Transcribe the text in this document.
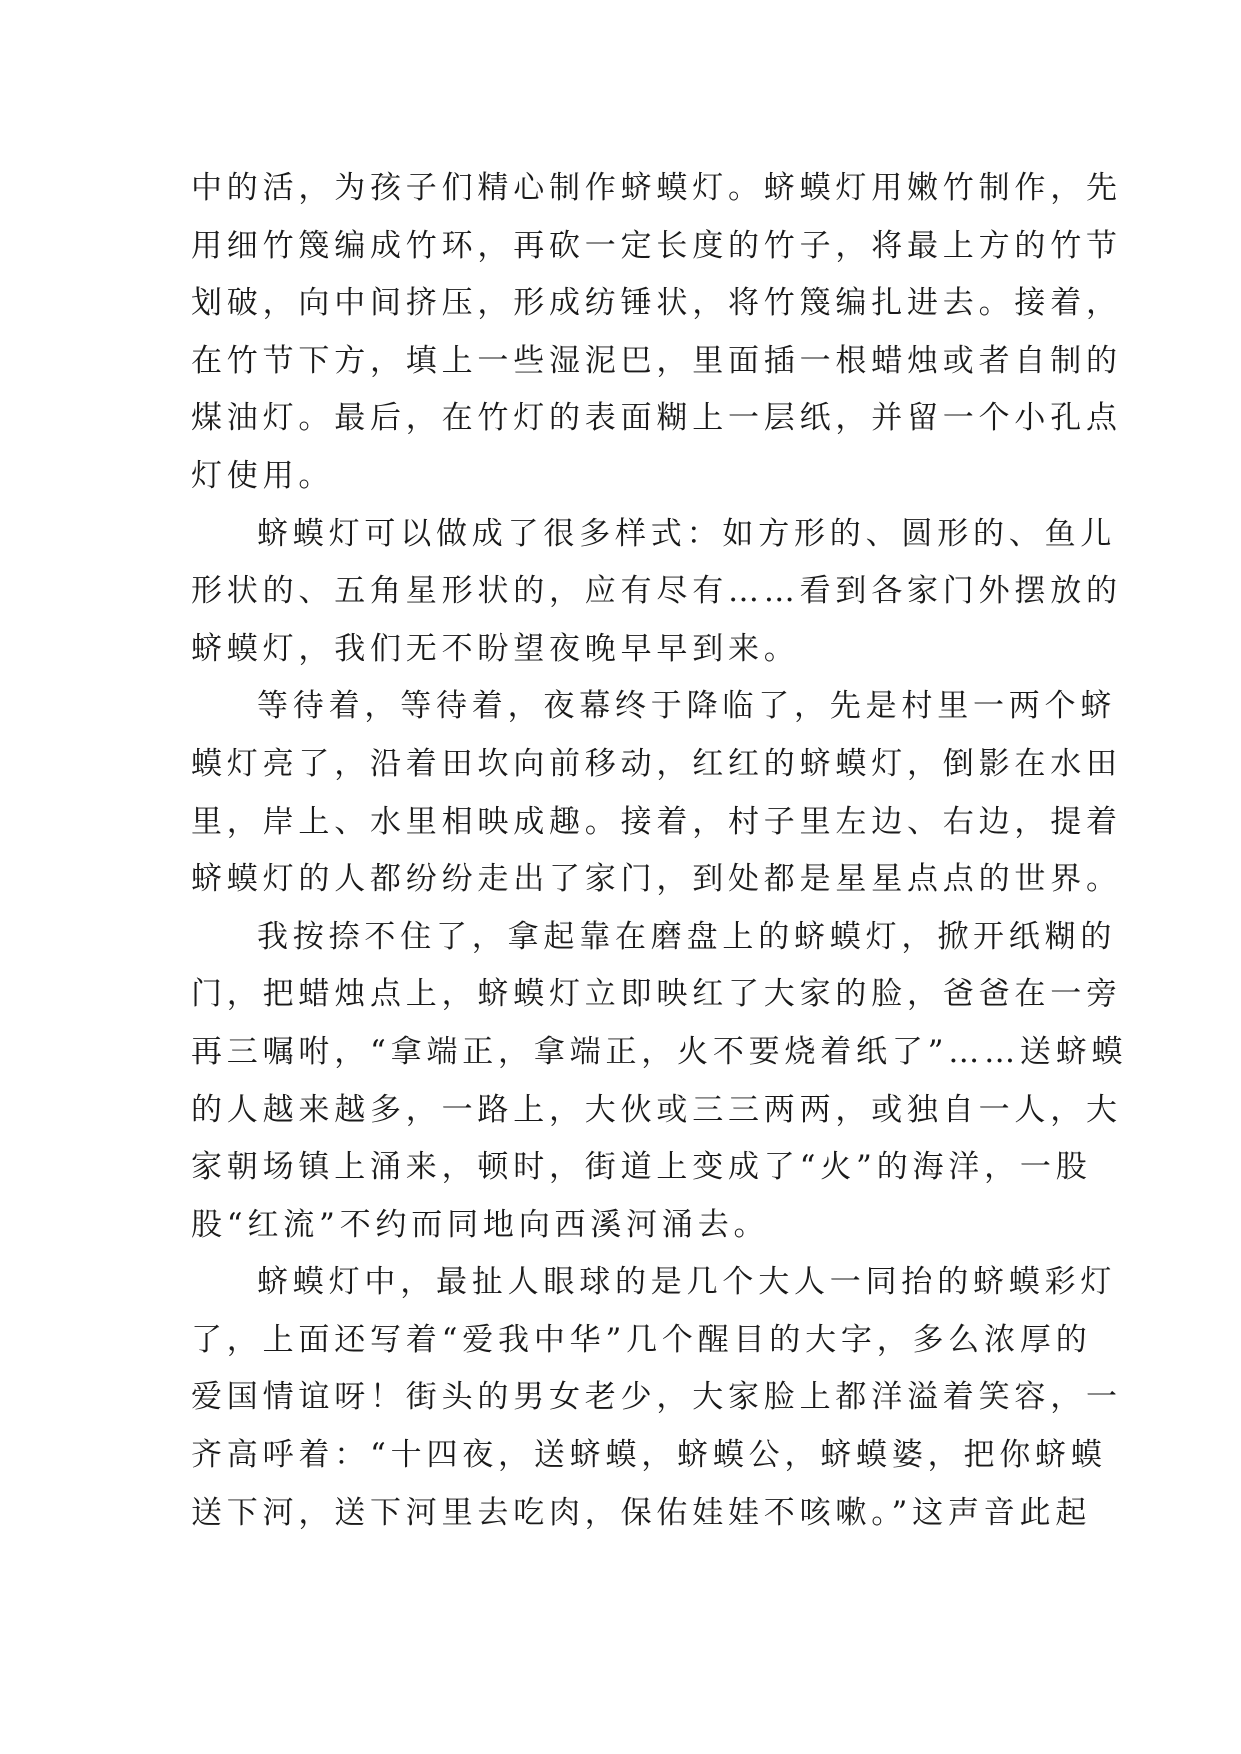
中的活，为孩子们精心制作蛴蟆灯。蛴蟆灯用嫩竹制作，先
用细竹篾编成竹环，再砍一定长度的竹子，将最上方的竹节
划破，向中间挤压，形成纺锤状，将竹篾编扎进去。接着，
在竹节下方，填上一些湿泥巴，里面插一根蜡烛或者自制的
煤油灯。最后，在竹灯的表面糊上一层纸，并留一个小孔点
灯使用。
蛴蟆灯可以做成了很多样式：如方形的、圆形的、鱼儿
形状的、五角星形状的，应有尽有……看到各家门外摆放的
蛴蟆灯，我们无不盼望夜晚早早到来。
等待着，等待着，夜幕终于降临了，先是村里一两个蛴
蟆灯亮了，沿着田坎向前移动，红红的蛴蟆灯，倒影在水田
里，岸上、水里相映成趣。接着，村子里左边、右边，提着
蛴蟆灯的人都纷纷走出了家门，到处都是星星点点的世界。
我按捺不住了，拿起靠在磨盘上的蛴蟆灯，掀开纸糊的
门，把蜡烛点上，蛴蟆灯立即映红了大家的脸，爸爸在一旁
再三嘱咐，“拿端正，拿端正，火不要烧着纸了”……送蛴蟆
的人越来越多，一路上，大伙或三三两两，或独自一人，大
家朝场镇上涌来，顿时，街道上变成了“火”的海洋，一股
股“红流”不约而同地向西溪河涌去。
蛴蟆灯中，最扯人眼球的是几个大人一同抬的蛴蟆彩灯
了，上面还写着“爱我中华”几个醒目的大字，多么浓厚的
爱国情谊呀！街头的男女老少，大家脸上都洋溢着笑容，一
齐高呼着：“十四夜，送蛴蟆，蛴蟆公，蛴蟆婆，把你蛴蟆
送下河，送下河里去吃肉，保佑娃娃不咳嗽。”这声音此起
